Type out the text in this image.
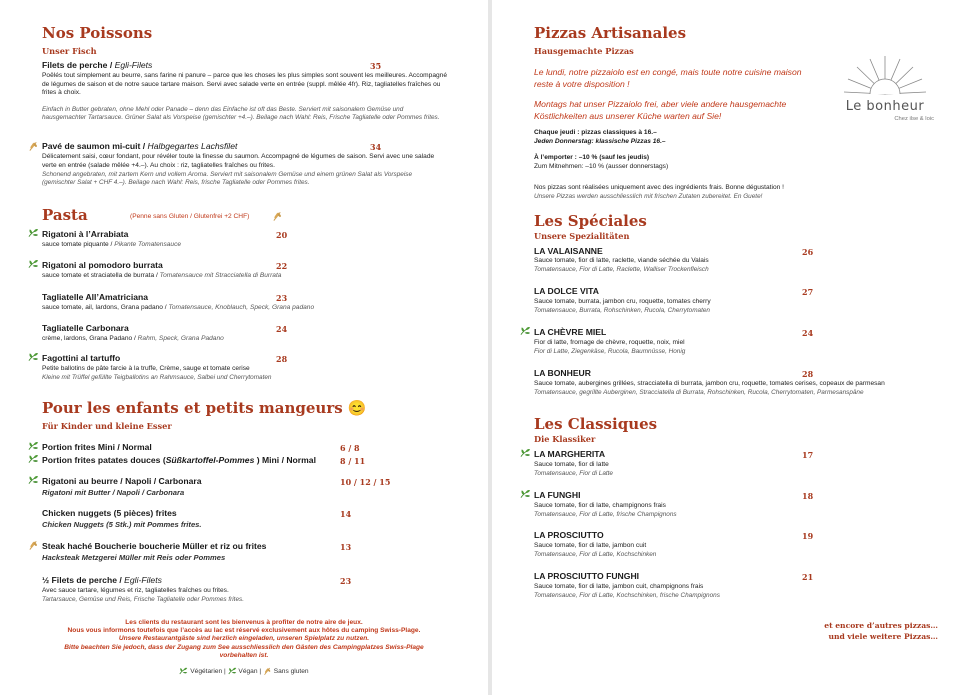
Nos Poissons
Unser Fisch
Filets de perche / Egli-Filets	35
Poêlés tout simplement au beurre, sans farine ni panure – parce que les choses les plus simples sont souvent les meilleures. Accompagné de légumes de saison et de notre sauce tartare maison. Servi avec salade verte en entrée (suppl. mêlée 4fr). Riz, tagliatelles fraîches ou frites à choix.
Einfach in Butter gebraten, ohne Mehl oder Panade – denn das Einfache ist oft das Beste. Serviert mit saisonalem Gemüse und hausgemachter Tartarsauce. Grüner Salat als Vorspeise (gemischter +4.–). Beilage nach Wahl: Reis, Frische Tagliatelle oder Pommes frites.
Pavé de saumon mi-cuit / Halbgegartes Lachsfilet	34
Délicatement saisi, cœur fondant, pour révéler toute la finesse du saumon. Accompagné de légumes de saison. Servi avec une salade verte en entrée (salade mêlée +4.–). Au choix : riz, tagliatelles fraîches ou frites.
Schonend angebraten, mit zartem Kern und vollem Aroma. Serviert mit saisonalem Gemüse und einem grünen Salat als Vorspeise (gemischter Salat + CHF 4.–). Beilage nach Wahl: Reis, frische Tagliatelle oder Pommes frites.
Pasta	(Penne sans Gluten / Glutenfrei +2 CHF)
Rigatoni à l’Arrabiata	20
sauce tomate piquante / Pikante Tomatensauce
Rigatoni al pomodoro burrata	22
sauce tomate et straciatella de burrata / Tomatensauce mit Stracciatella di Burrata
Tagliatelle All’Amatriciana	23
sauce tomate, ail, lardons, Grana padano / Tomatensauce, Knoblauch, Speck, Grana padano
Tagliatelle Carbonara	24
crème, lardons, Grana Padano / Rahm, Speck, Grana Padano
Fagottini al tartuffo	28
Petite ballotins de pâte farcie à la truffe, Crème, sauge et tomate cerise
Kleine mit Trüffel gefüllte Teigballotins an Rahmsauce, Salbei und Cherrytomaten
Pour les enfants et petits mangeurs 😊
Für Kinder und kleine Esser
Portion frites Mini / Normal	6 / 8
Portion frites patates douces (Süßkartoffel-Pommes ) Mini / Normal	8 / 11
Rigatoni au beurre / Napoli / Carbonara	10 / 12 / 15
Rigatoni mit Butter / Napoli / Carbonara
Chicken nuggets (5 pièces) frites	14
Chicken Nuggets (5 Stk.) mit Pommes frites.
Steak haché Boucherie boucherie Müller et riz ou frites	13
Hacksteak Metzgerei Müller mit Reis oder Pommes
½ Filets de perche / Egli-Filets	23
Avec sauce tartare, légumes et riz, tagliatelles fraîches ou frites.
Tartarsauce, Gemüse und Reis, Frische Tagliatelle oder Pommes frites.
Les clients du restaurant sont les bienvenus à profiter de notre aire de jeux.
Nous vous informons toutefois que l’accès au lac est réservé exclusivement aux hôtes du camping Swiss-Plage.
Unsere Restaurantgäste sind herzlich eingeladen, unseren Spielplatz zu nutzen.
Bitte beachten Sie jedoch, dass der Zugang zum See ausschliesslich den Gästen des Campingplatzes Swiss-Plage
vorbehalten ist.
Végétarien | Végan | Sans gluten
Pizzas Artisanales
Hausgemachte Pizzas
Le lundi, notre pizzaiolo est en congé, mais toute notre cuisine maison reste à votre disposition !
Montags hat unser Pizzaiolo frei, aber viele andere hausgemachte Köstlichkeiten aus unserer Küche warten auf Sie!
Le bonheur
Chez ilse & loic
Chaque jeudi : pizzas classiques à 16.–
Jeden Donnerstag: klassische Pizzas 16.–
À l’emporter : –10 % (sauf les jeudis)
Zum Mitnehmen: –10 % (ausser donnerstags)
Nos pizzas sont réalisées uniquement avec des ingrédients frais. Bonne dégustation !
Unsere Pizzas werden ausschliesslich mit frischen Zutaten zubereitet. En Guete!
Les Spéciales
Unsere Spezialitäten
LA VALAISANNE	26
Sauce tomate, fior di latte, raclette, viande séchée du Valais
Tomatensauce, Fior di Latte, Raclette, Walliser Trockenfleisch
LA DOLCE VITA	27
Sauce tomate, burrata, jambon cru, roquette, tomates cherry
Tomatensauce, Burrata, Rohschinken, Rucola, Cherrytomaten
LA CHÈVRE MIEL	24
Fior di latte, fromage de chèvre, roquette, noix, miel
Fior di Latte, Ziegenkäse, Rucola, Baumnüsse, Honig
LA BONHEUR	28
Sauce tomate, aubergines grillées, stracciatella di burrata, jambon cru, roquette, tomates cerises, copeaux de parmesan
Tomatensauce, gegrillte Auberginen, Stracciatella di Burrata, Rohschinken, Rucola, Cherrytomaten, Parmesanspäne
Les Classiques
Die Klassiker
LA MARGHERITA	17
Sauce tomate, fior di latte
Tomatensauce, Fior di Latte
LA FUNGHI	18
Sauce tomate, fior di latte, champignons frais
Tomatensauce, Fior di Latte, frische Champignons
LA PROSCIUTTO	19
Sauce tomate, fior di latte, jambon cuit
Tomatensauce, Fior di Latte, Kochschinken
LA PROSCIUTTO FUNGHI	21
Sauce tomate, fior di latte, jambon cuit, champignons frais
Tomatensauce, Fior di Latte, Kochschinken, frische Champignons
et encore d’autres pizzas…
und viele weitere Pizzas…
